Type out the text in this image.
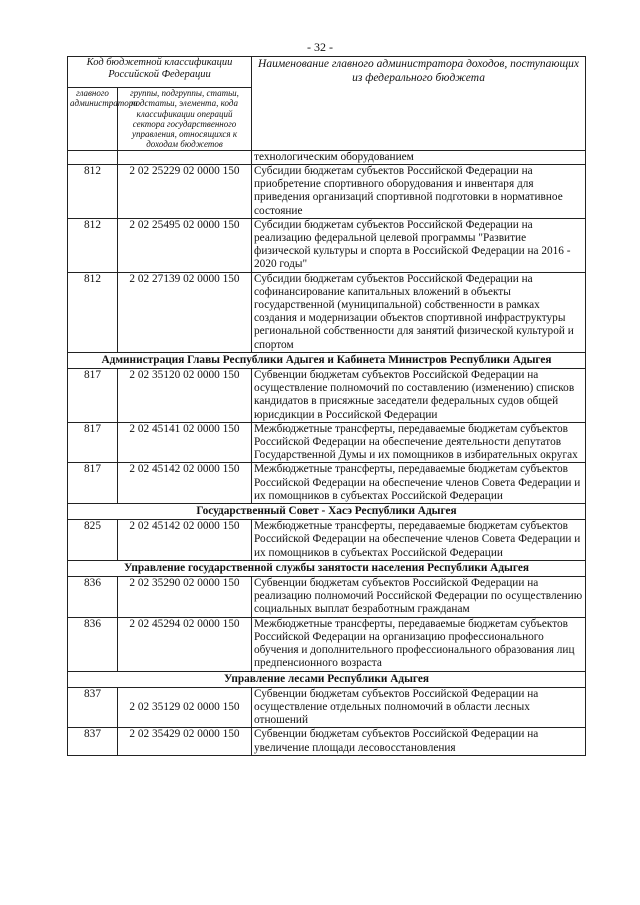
- 32 -
Код бюджетной классификации Российской Федерации		Наименование главного администратора доходов, поступающих из федерального бюджета
главного администратора	группы, подгруппы, статьи, подстатьи, элемента, кода классификации операций сектора государственного управления, относящихся к доходам бюджетов	
		технологическим оборудованием
812	2 02 25229 02 0000 150	Субсидии бюджетам субъектов Российской Федерации на приобретение спортивного оборудования и инвентаря для приведения организаций спортивной подготовки в нормативное состояние
812	2 02 25495 02 0000 150	Субсидии бюджетам субъектов Российской Федерации на реализацию федеральной целевой программы "Развитие физической культуры и спорта в Российской Федерации на 2016 - 2020 годы"
812	2 02 27139 02 0000 150	Субсидии бюджетам субъектов Российской Федерации на софинансирование капитальных вложений в объекты государственной (муниципальной) собственности в рамках создания и модернизации объектов спортивной инфраструктуры региональной собственности для занятий физической культурой и спортом
Администрация Главы Республики Адыгея и Кабинета Министров Республики Адыгея		
817	2 02 35120 02 0000 150	Субвенции бюджетам субъектов Российской Федерации на осуществление полномочий по составлению (изменению) списков кандидатов в присяжные заседатели федеральных судов общей юрисдикции в Российской Федерации
817	2 02 45141 02 0000 150	Межбюджетные трансферты, передаваемые бюджетам субъектов Российской Федерации на обеспечение деятельности депутатов Государственной Думы и их помощников в избирательных округах
817	2 02 45142 02 0000 150	Межбюджетные трансферты, передаваемые бюджетам субъектов Российской Федерации на обеспечение членов Совета Федерации и их помощников в субъектах Российской Федерации
Государственный Совет - Хасэ Республики Адыгея		
825	2 02 45142 02 0000 150	Межбюджетные трансферты, передаваемые бюджетам субъектов Российской Федерации на обеспечение членов Совета Федерации и их помощников в субъектах Российской Федерации
Управление государственной службы занятости населения Республики Адыгея		
836	2 02 35290 02 0000 150	Субвенции бюджетам субъектов Российской Федерации на реализацию полномочий Российской Федерации по осуществлению социальных выплат безработным гражданам
836	2 02 45294 02 0000 150	Межбюджетные трансферты, передаваемые бюджетам субъектов Российской Федерации на организацию профессионального обучения и дополнительного профессионального образования лиц предпенсионного возраста
Управление лесами Республики Адыгея		
837	2 02 35129 02 0000 150	Субвенции бюджетам субъектов Российской Федерации на осуществление отдельных полномочий в области лесных отношений
837	2 02 35429 02 0000 150	Субвенции бюджетам субъектов Российской Федерации на увеличение площади лесовосстановления
